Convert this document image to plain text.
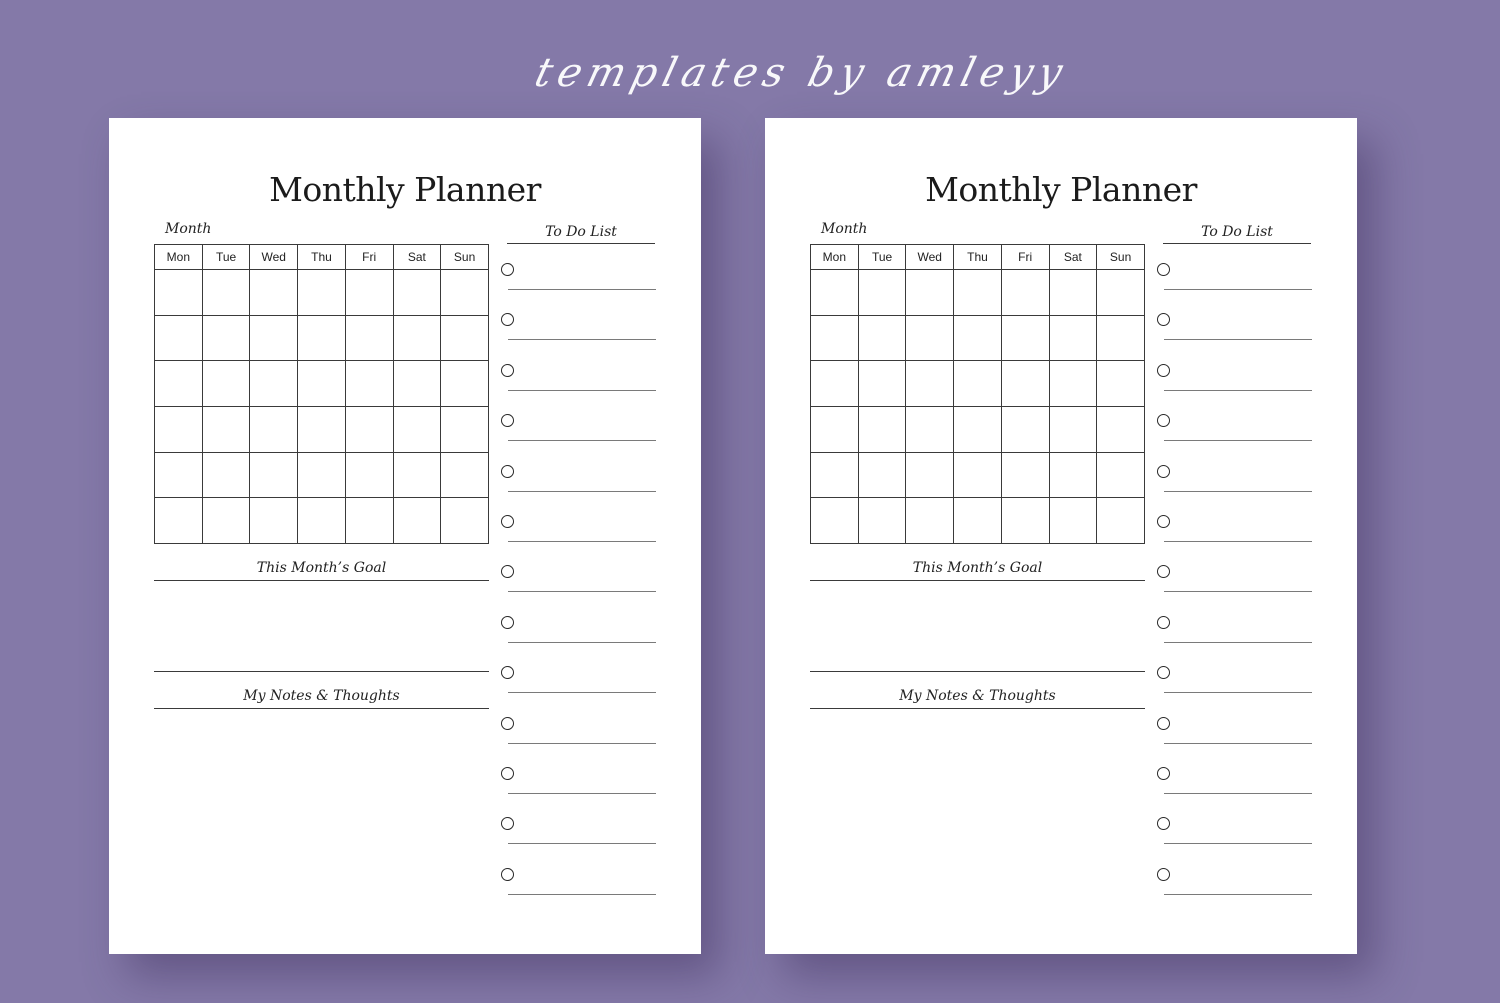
templates by amleyy
Monthly Planner
Month
Mon	Tue	Wed	Thu	Fri	Sat	Sun

This Month’s Goal
My Notes & Thoughts
To Do List
Monthly Planner
Month
Mon	Tue	Wed	Thu	Fri	Sat	Sun

This Month’s Goal
My Notes & Thoughts
To Do List
